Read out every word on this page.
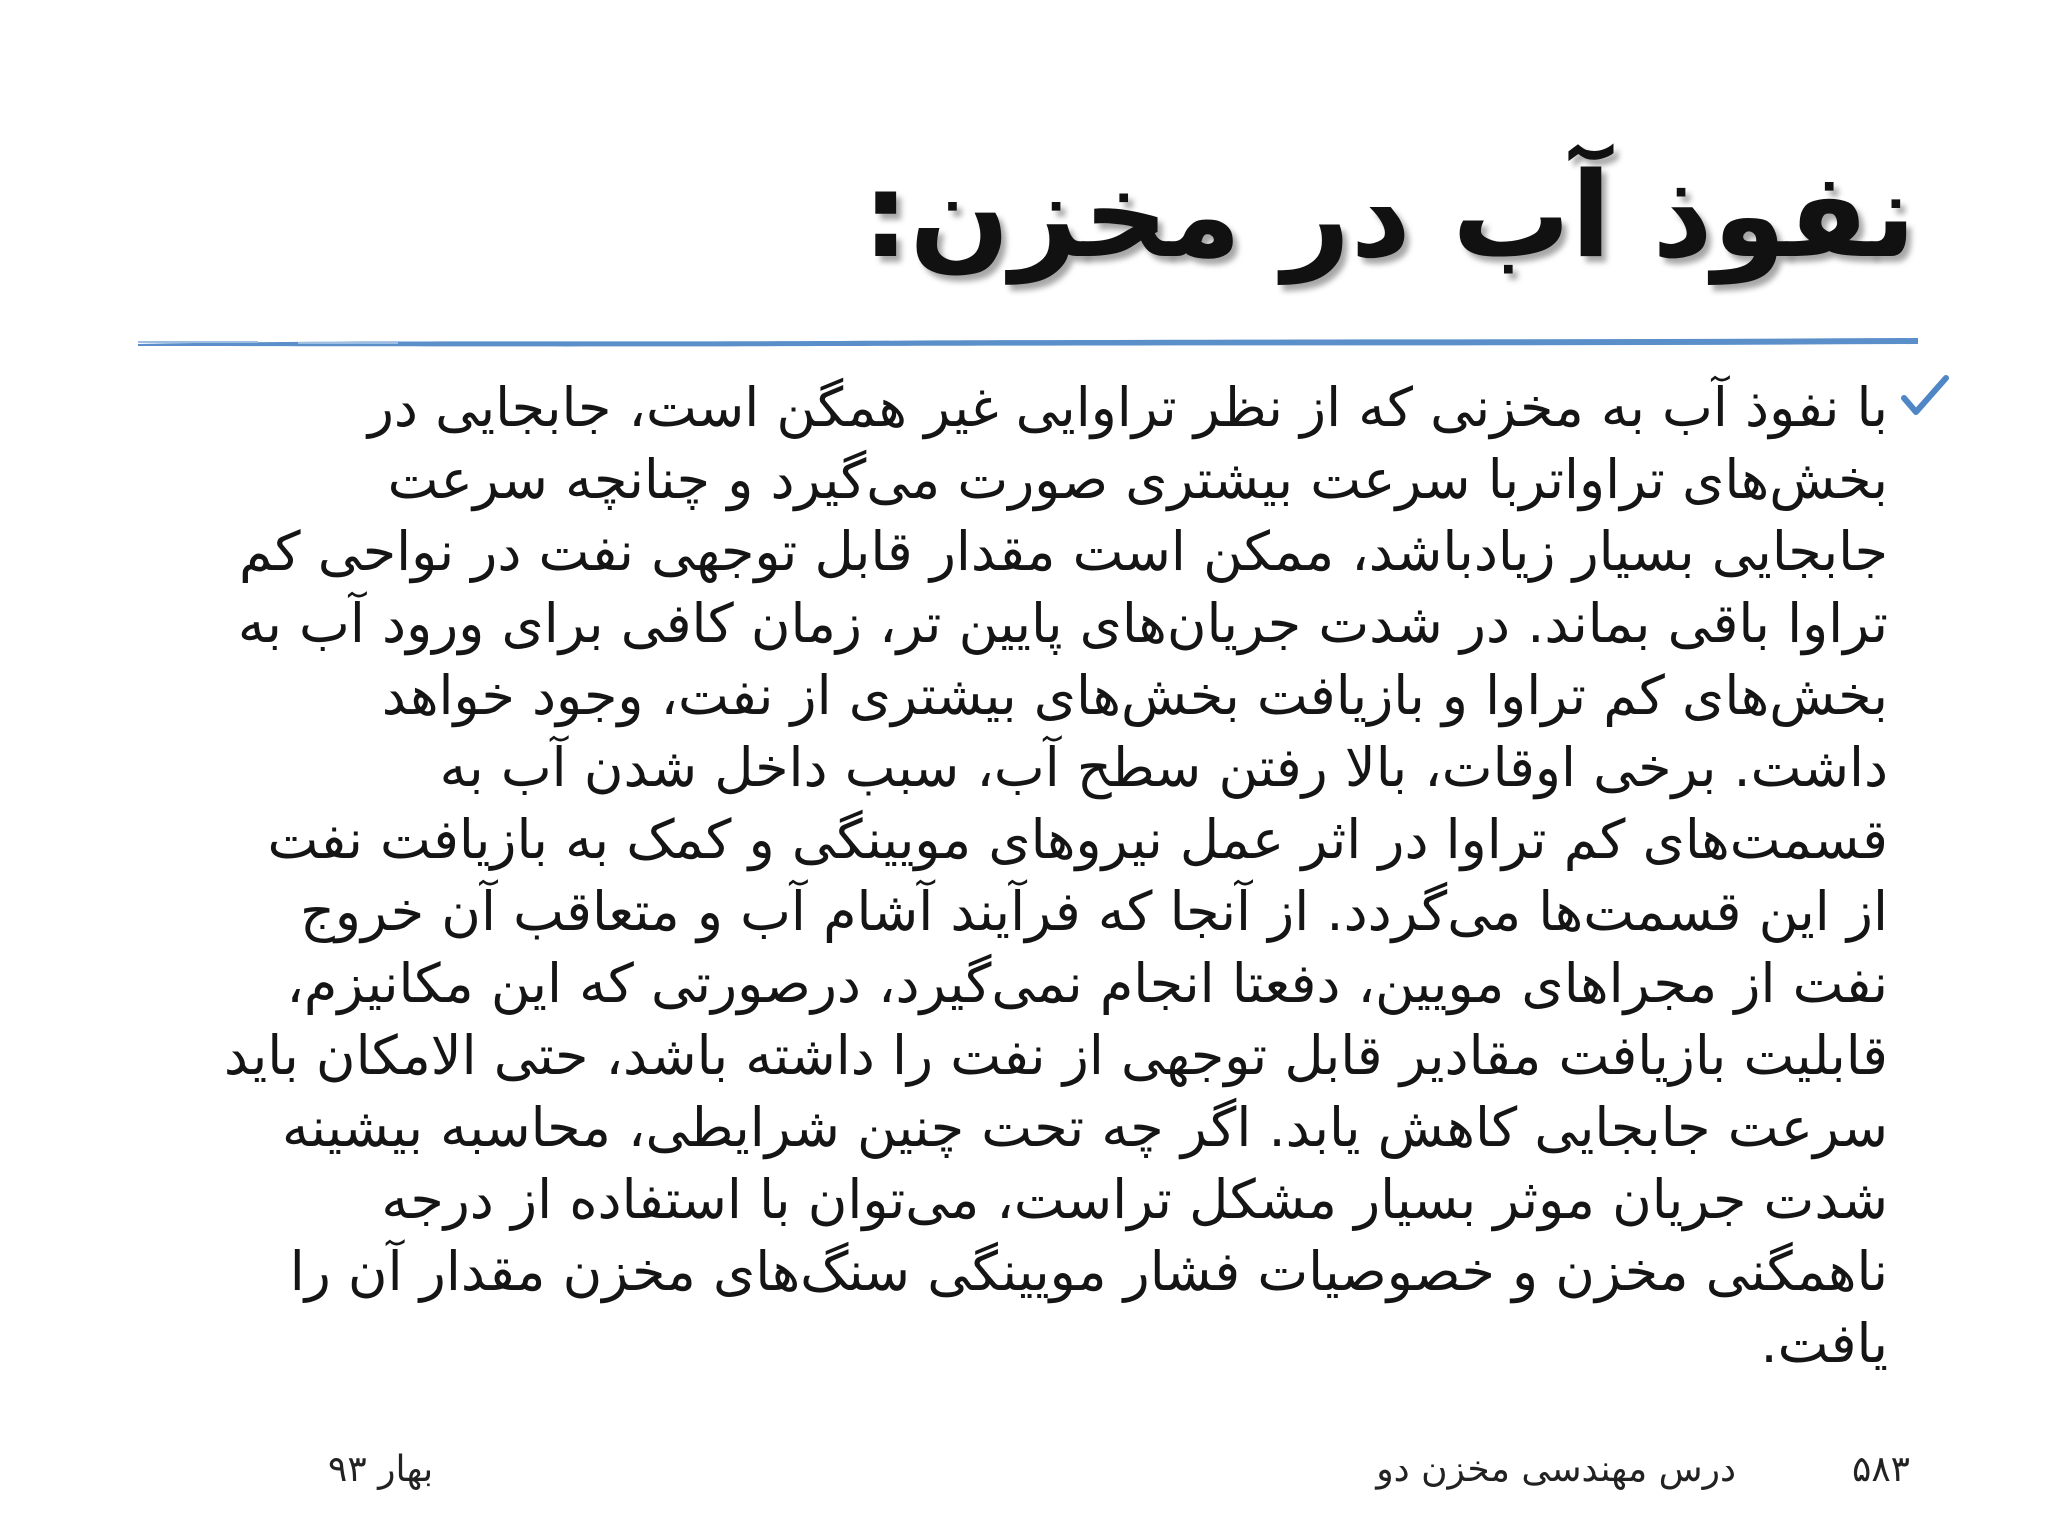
نفوذ آب در مخزن:
با نفوذ آب به مخزنی که از نظر تراوایی غیر همگن است، جابجایی در
بخش‌های تراواتربا سرعت بیشتری صورت می‌گیرد و چنانچه سرعت
جابجایی بسیار زیادباشد، ممکن است مقدار قابل توجهی نفت در نواحی کم
تراوا باقی بماند. در شدت جریان‌های پایین تر، زمان کافی برای ورود آب به
بخش‌های کم تراوا و بازیافت بخش‌های بیشتری از نفت، وجود خواهد
داشت. برخی اوقات، بالا رفتن سطح آب، سبب داخل شدن آب به
قسمت‌های کم تراوا در اثر عمل نیروهای مویینگی و کمک به بازیافت نفت
از این قسمت‌ها می‌گردد. از آنجا که فرآیند آشام آب و متعاقب آن خروج
نفت از مجراهای مویین، دفعتا انجام نمی‌گیرد، درصورتی که این مکانیزم،
قابلیت بازیافت مقادیر قابل توجهی از نفت را داشته باشد، حتی الامکان باید
سرعت جابجایی کاهش یابد. اگر چه تحت چنین شرایطی، محاسبه بیشینه
شدت جریان موثر بسیار مشکل تراست، می‌توان با استفاده از درجه
ناهمگنی مخزن و خصوصیات فشار مویینگی سنگ‌های مخزن مقدار آن را
یافت.
۵۸۳
درس مهندسی مخزن دو
بهار ۹۳
